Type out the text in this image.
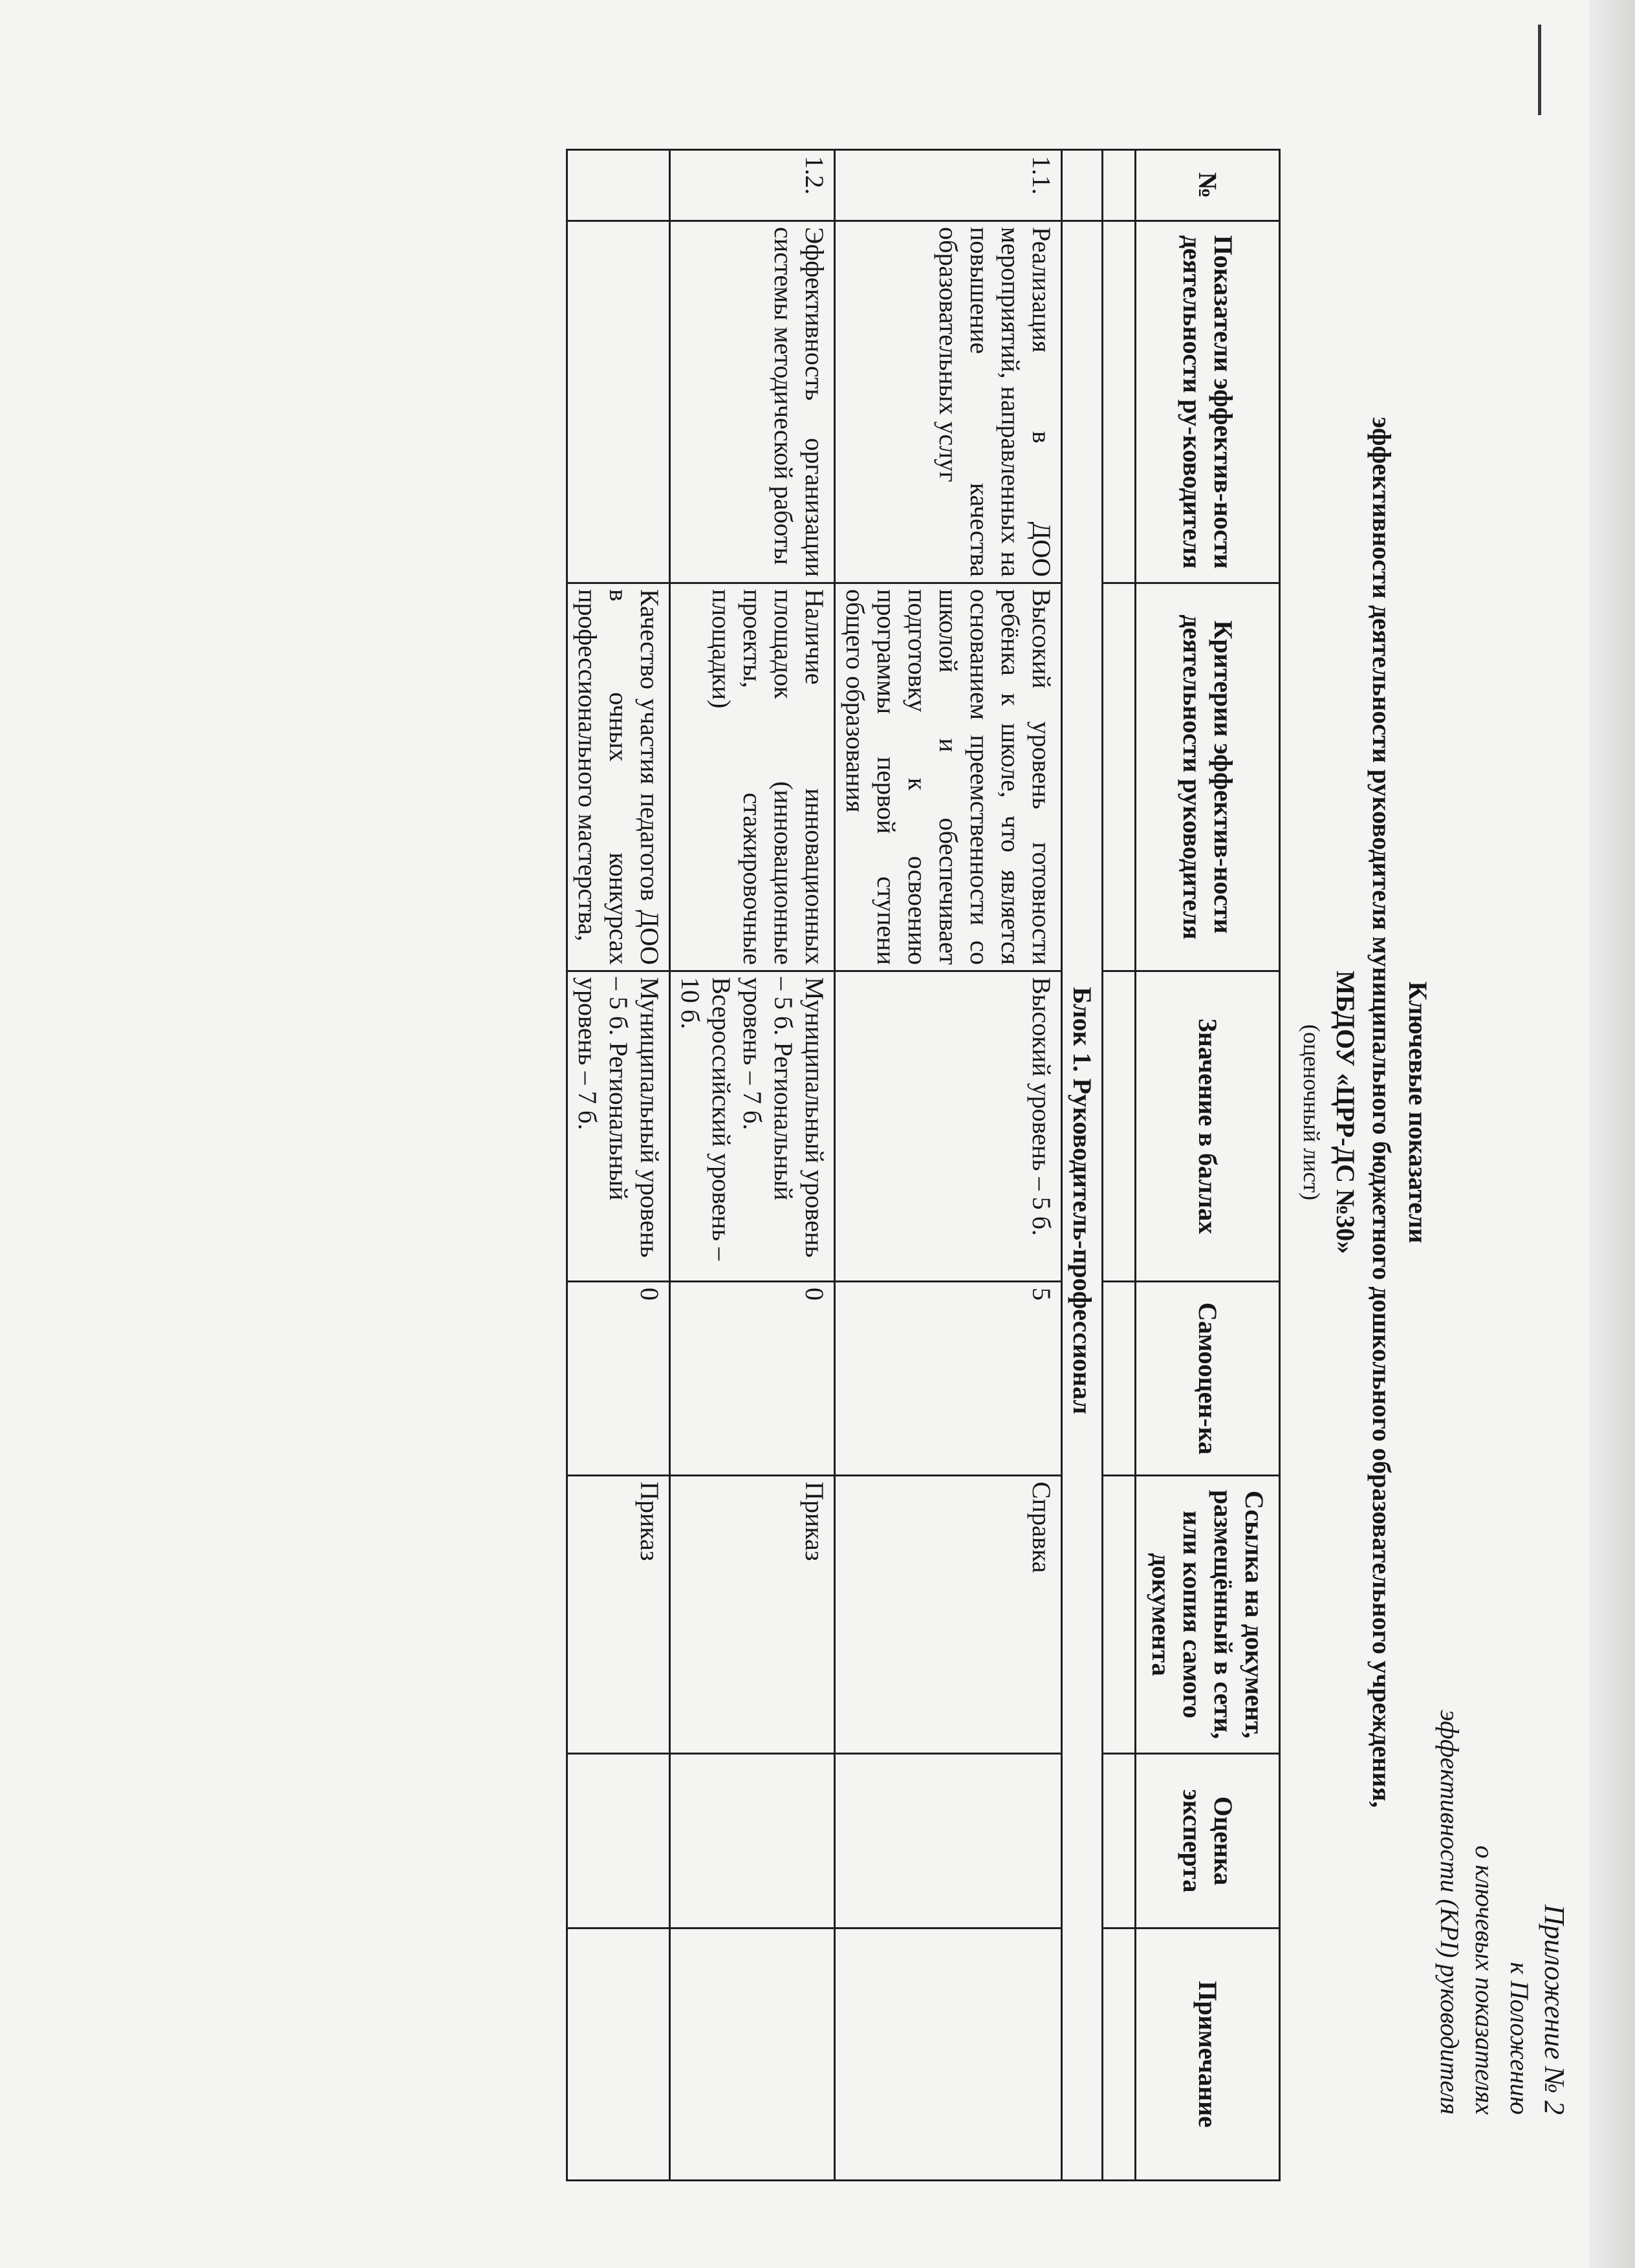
Приложение № 2
к Положению
о ключевых показателях
эффективности (КРІ) руководителя
Ключевые показатели
эффективности деятельности руководителя муниципального бюджетного дошкольного образовательного учреждения,
МБДОУ «ЦРР-ДС №30»
(оценочный лист)
№	Показатели эффектив-ности деятельности ру-ководителя	Критерии эффектив-ности деятельности руководителя	Значение в баллах	Самооцен-ка	Ссылка на документ, размещённый в сети, или копия самого документа	Оценка эксперта	Примечание

	Блок 1. Руководитель-профессионал						
1.1.	Реализация в ДОО мероприятий, направленных на повышение качества образовательных услуг	Высокий уровень готовности ребёнка к школе, что является основанием преемственности со школой и обеспечивает подготовку к освоению программы первой ступени общего образования	Высокий уровень – 5 б.	5	Справка		
1.2.	Эффективность организации системы методической работы	Наличие инновационных площадок (инновационные проекты, стажировочные площадки)	Муниципальный уровень – 5 б. Региональный уровень – 7 б. Всероссийский уровень – 10 б.	0	Приказ		
		Качество участия педагогов ДОО в очных конкурсах профессионального мастерства,	Муниципальный уровень – 5 б. Региональный уровень – 7 б.	0	Приказ		
